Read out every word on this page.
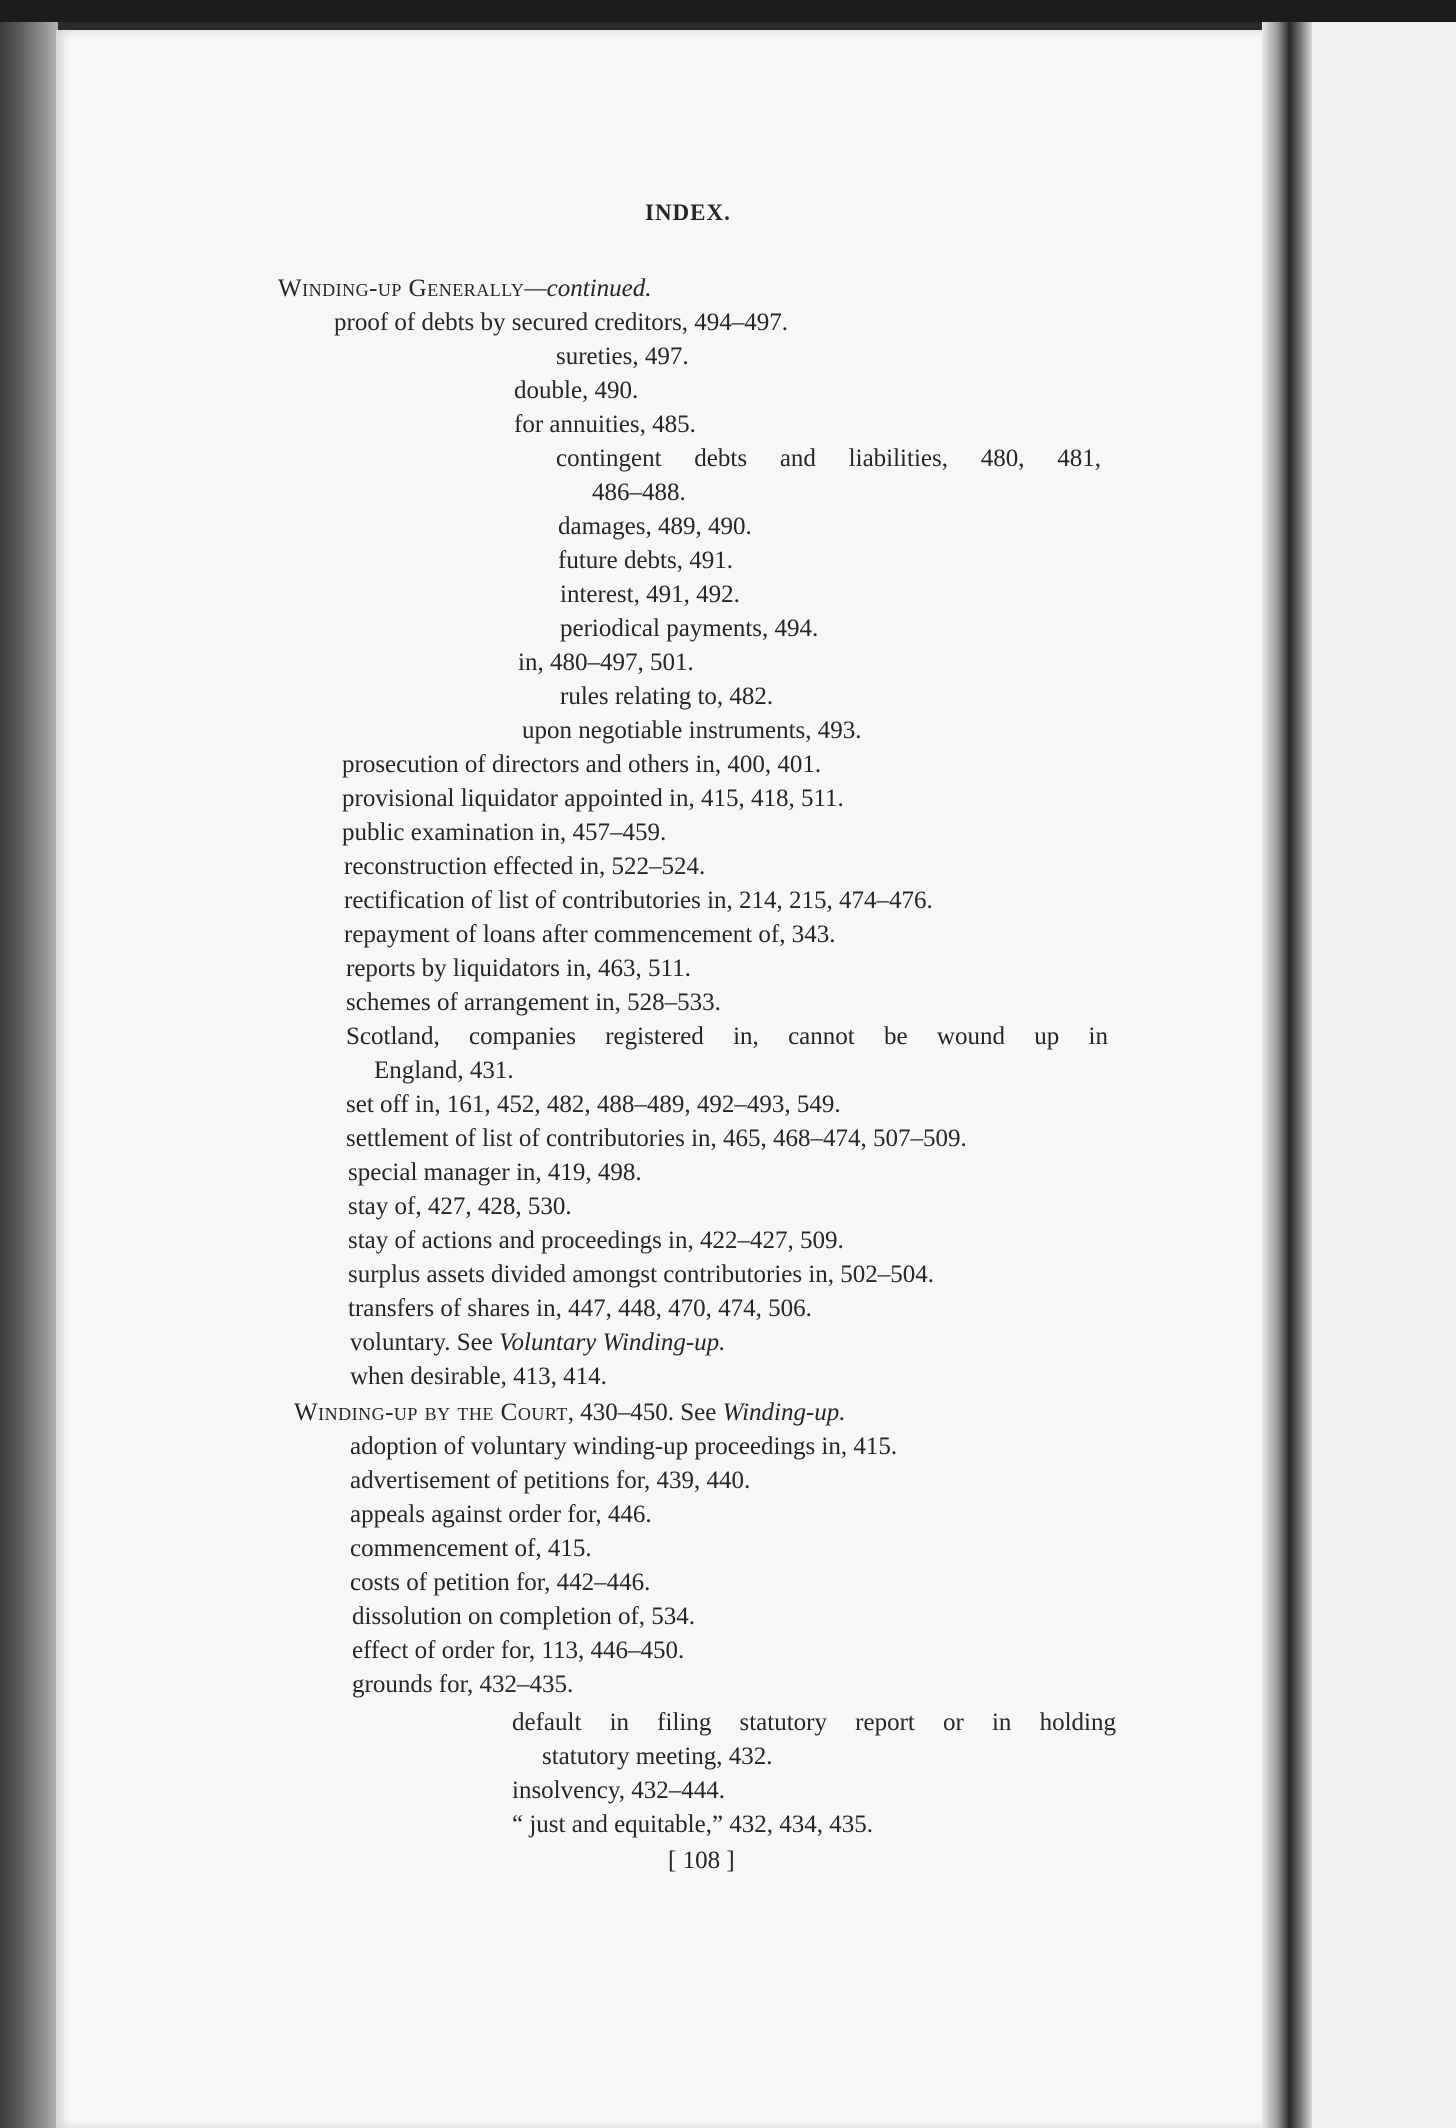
INDEX.
Winding-up Generally—continued.
proof of debts by secured creditors, 494–497.
sureties, 497.
double, 490.
for annuities, 485.
contingent debts and liabilities, 480, 481,
486–488.
damages, 489, 490.
future debts, 491.
interest, 491, 492.
periodical payments, 494.
in, 480–497, 501.
rules relating to, 482.
upon negotiable instruments, 493.
prosecution of directors and others in, 400, 401.
provisional liquidator appointed in, 415, 418, 511.
public examination in, 457–459.
reconstruction effected in, 522–524.
rectification of list of contributories in, 214, 215, 474–476.
repayment of loans after commencement of, 343.
reports by liquidators in, 463, 511.
schemes of arrangement in, 528–533.
Scotland, companies registered in, cannot be wound up in
England, 431.
set off in, 161, 452, 482, 488–489, 492–493, 549.
settlement of list of contributories in, 465, 468–474, 507–509.
special manager in, 419, 498.
stay of, 427, 428, 530.
stay of actions and proceedings in, 422–427, 509.
surplus assets divided amongst contributories in, 502–504.
transfers of shares in, 447, 448, 470, 474, 506.
voluntary. See Voluntary Winding-up.
when desirable, 413, 414.
Winding-up by the Court, 430–450. See Winding-up.
adoption of voluntary winding-up proceedings in, 415.
advertisement of petitions for, 439, 440.
appeals against order for, 446.
commencement of, 415.
costs of petition for, 442–446.
dissolution on completion of, 534.
effect of order for, 113, 446–450.
grounds for, 432–435.
default in filing statutory report or in holding
statutory meeting, 432.
insolvency, 432–444.
“ just and equitable,” 432, 434, 435.
[ 108 ]
